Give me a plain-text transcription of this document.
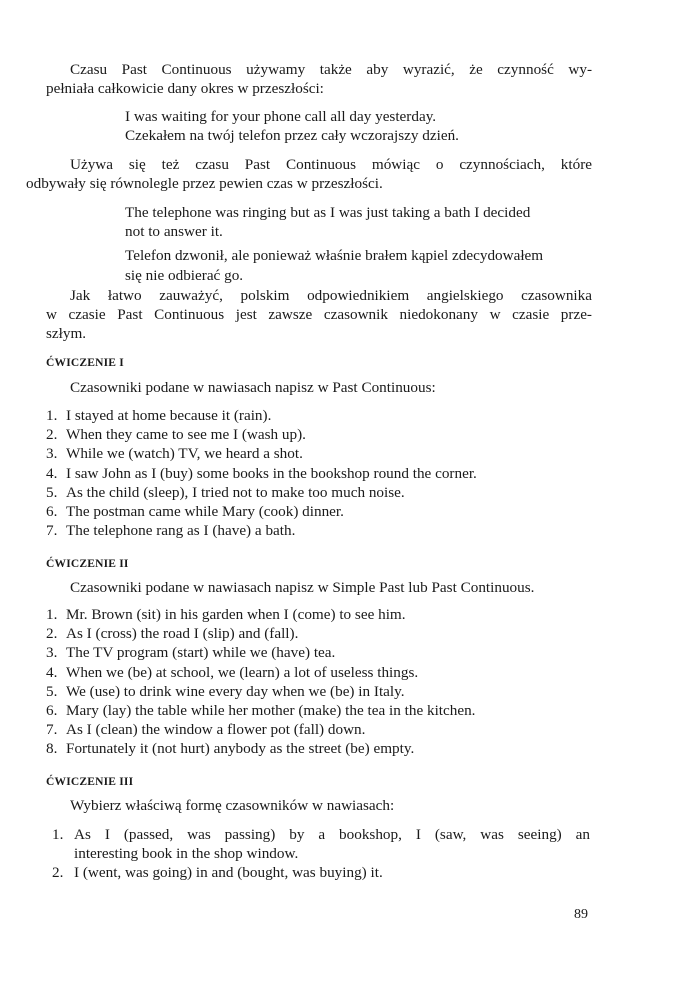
Czasu Past Continuous używamy także aby wyrazić, że czynność wy-
pełniała całkowicie dany okres w przeszłości:
I was waiting for your phone call all day yesterday.
Czekałem na twój telefon przez cały wczorajszy dzień.
Używa się też czasu Past Continuous mówiąc o czynnościach, które
odbywały się równolegle przez pewien czas w przeszłości.
The telephone was ringing but as I was just taking a bath I decided
not to answer it.
Telefon dzwonił, ale ponieważ właśnie brałem kąpiel zdecydowałem
się nie odbierać go.
Jak łatwo zauważyć, polskim odpowiednikiem angielskiego czasownika
w czasie Past Continuous jest zawsze czasownik niedokonany w czasie prze-
szłym.
ĆWICZENIE I
Czasowniki podane w nawiasach napisz w Past Continuous:
1. I stayed at home because it (rain).
2. When they came to see me I (wash up).
3. While we (watch) TV, we heard a shot.
4. I saw John as I (buy) some books in the bookshop round the corner.
5. As the child (sleep), I tried not to make too much noise.
6. The postman came while Mary (cook) dinner.
7. The telephone rang as I (have) a bath.
ĆWICZENIE II
Czasowniki podane w nawiasach napisz w Simple Past lub Past Continuous.
1. Mr. Brown (sit) in his garden when I (come) to see him.
2. As I (cross) the road I (slip) and (fall).
3. The TV program (start) while we (have) tea.
4. When we (be) at school, we (learn) a lot of useless things.
5. We (use) to drink wine every day when we (be) in Italy.
6. Mary (lay) the table while her mother (make) the tea in the kitchen.
7. As I (clean) the window a flower pot (fall) down.
8. Fortunately it (not hurt) anybody as the street (be) empty.
ĆWICZENIE III
Wybierz właściwą formę czasowników w nawiasach:
1. As I (passed, was passing) by a bookshop, I (saw, was seeing) an
interesting book in the shop window.
2. I (went, was going) in and (bought, was buying) it.
89
